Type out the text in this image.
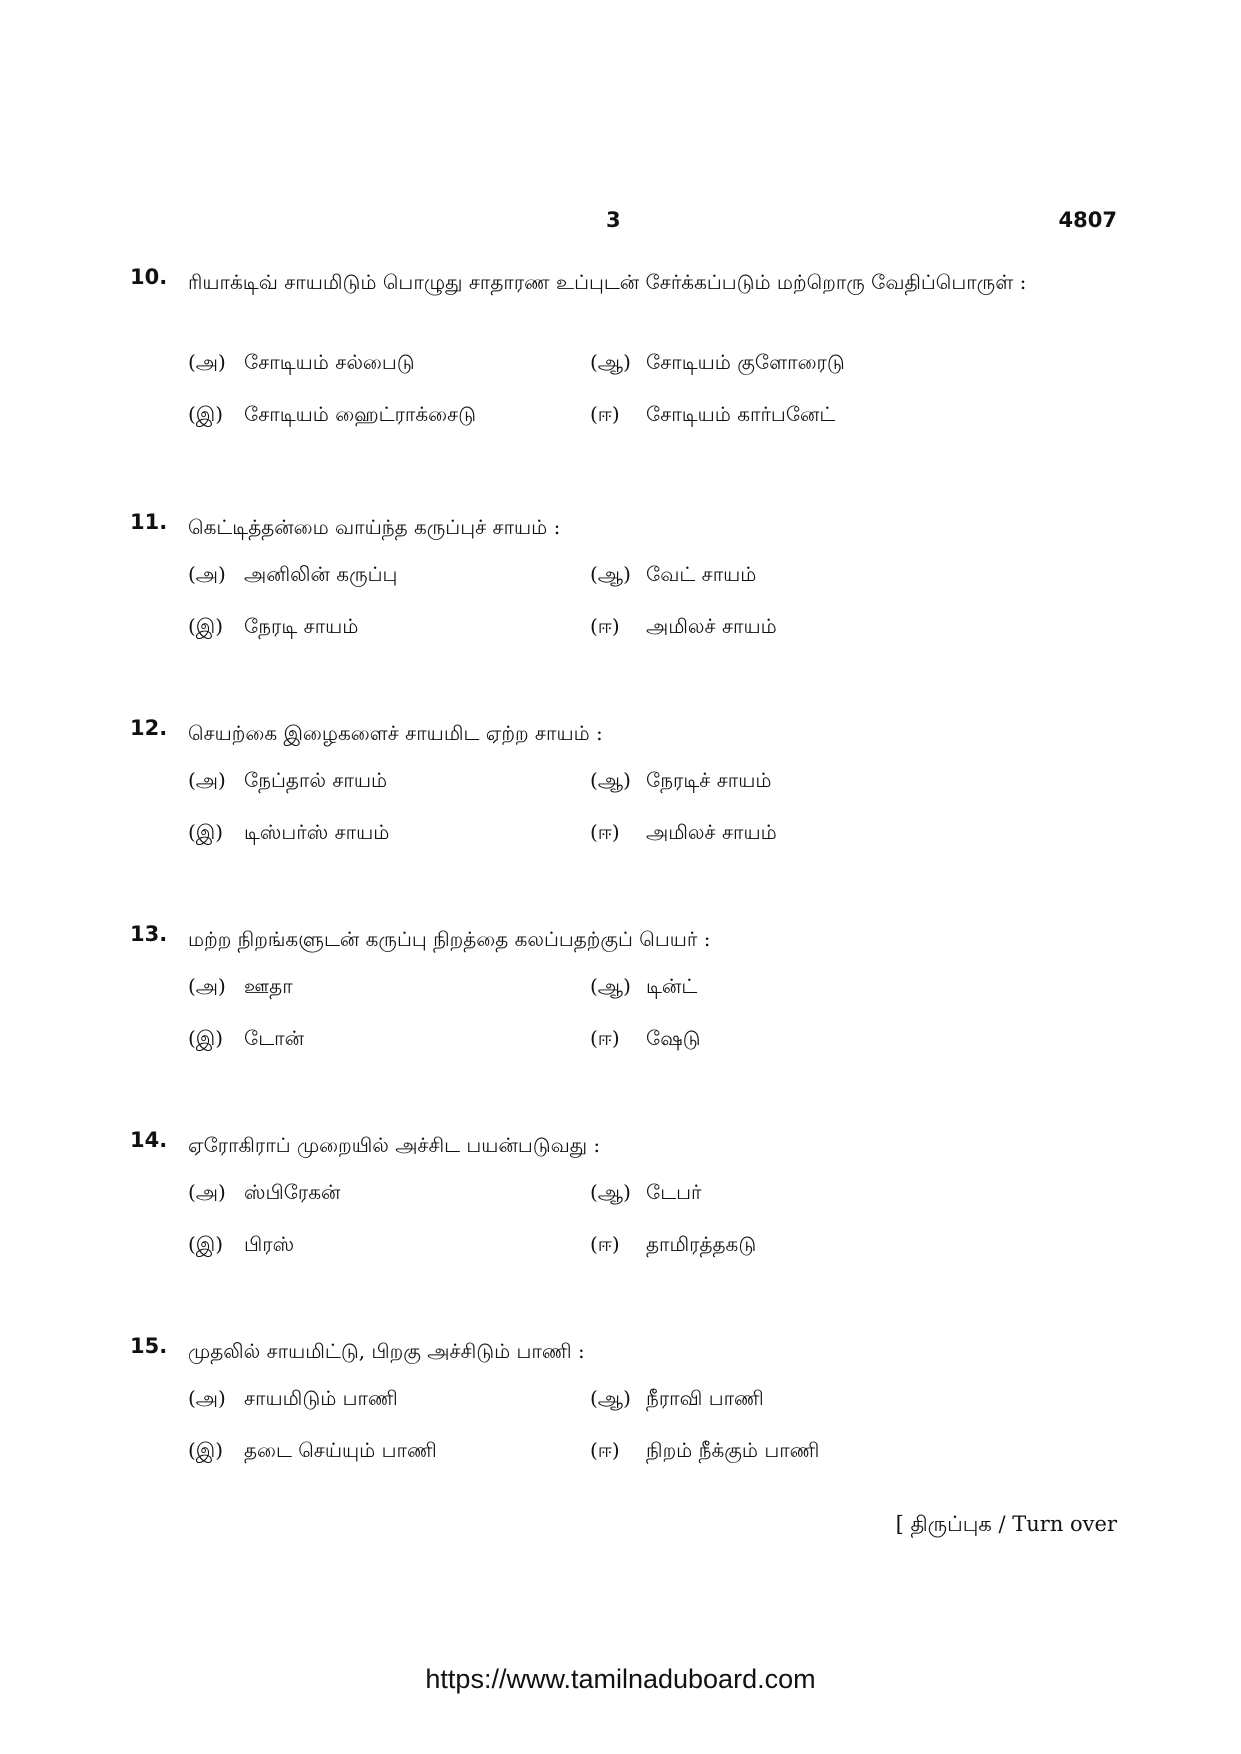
3	4807
10. ரியாக்டிவ் சாயமிடும் பொழுது சாதாரண உப்புடன் சேர்க்கப்படும் மற்றொரு வேதிப்பொருள் :
(அ) சோடியம் சல்பைடு	(ஆ) சோடியம் குளோரைடு
(இ) சோடியம் ஹைட்ராக்சைடு	(ஈ) சோடியம் கார்பனேட்
11. கெட்டித்தன்மை வாய்ந்த கருப்புச் சாயம் :
(அ) அனிலின் கருப்பு	(ஆ) வேட் சாயம்
(இ) நேரடி சாயம்	(ஈ) அமிலச் சாயம்
12. செயற்கை இழைகளைச் சாயமிட ஏற்ற சாயம் :
(அ) நேப்தால் சாயம்	(ஆ) நேரடிச் சாயம்
(இ) டிஸ்பர்ஸ் சாயம்	(ஈ) அமிலச் சாயம்
13. மற்ற நிறங்களுடன் கருப்பு நிறத்தை கலப்பதற்குப் பெயர் :
(அ) ஊதா	(ஆ) டின்ட்
(இ) டோன்	(ஈ) ஷேடு
14. ஏரோகிராப் முறையில் அச்சிட பயன்படுவது :
(அ) ஸ்பிரேகன்	(ஆ) டேபர்
(இ) பிரஸ்	(ஈ) தாமிரத்தகடு
15. முதலில் சாயமிட்டு, பிறகு அச்சிடும் பாணி :
(அ) சாயமிடும் பாணி	(ஆ) நீராவி பாணி
(இ) தடை செய்யும் பாணி	(ஈ) நிறம் நீக்கும் பாணி
[ திருப்புக / Turn over
https://www.tamilnaduboard.com
